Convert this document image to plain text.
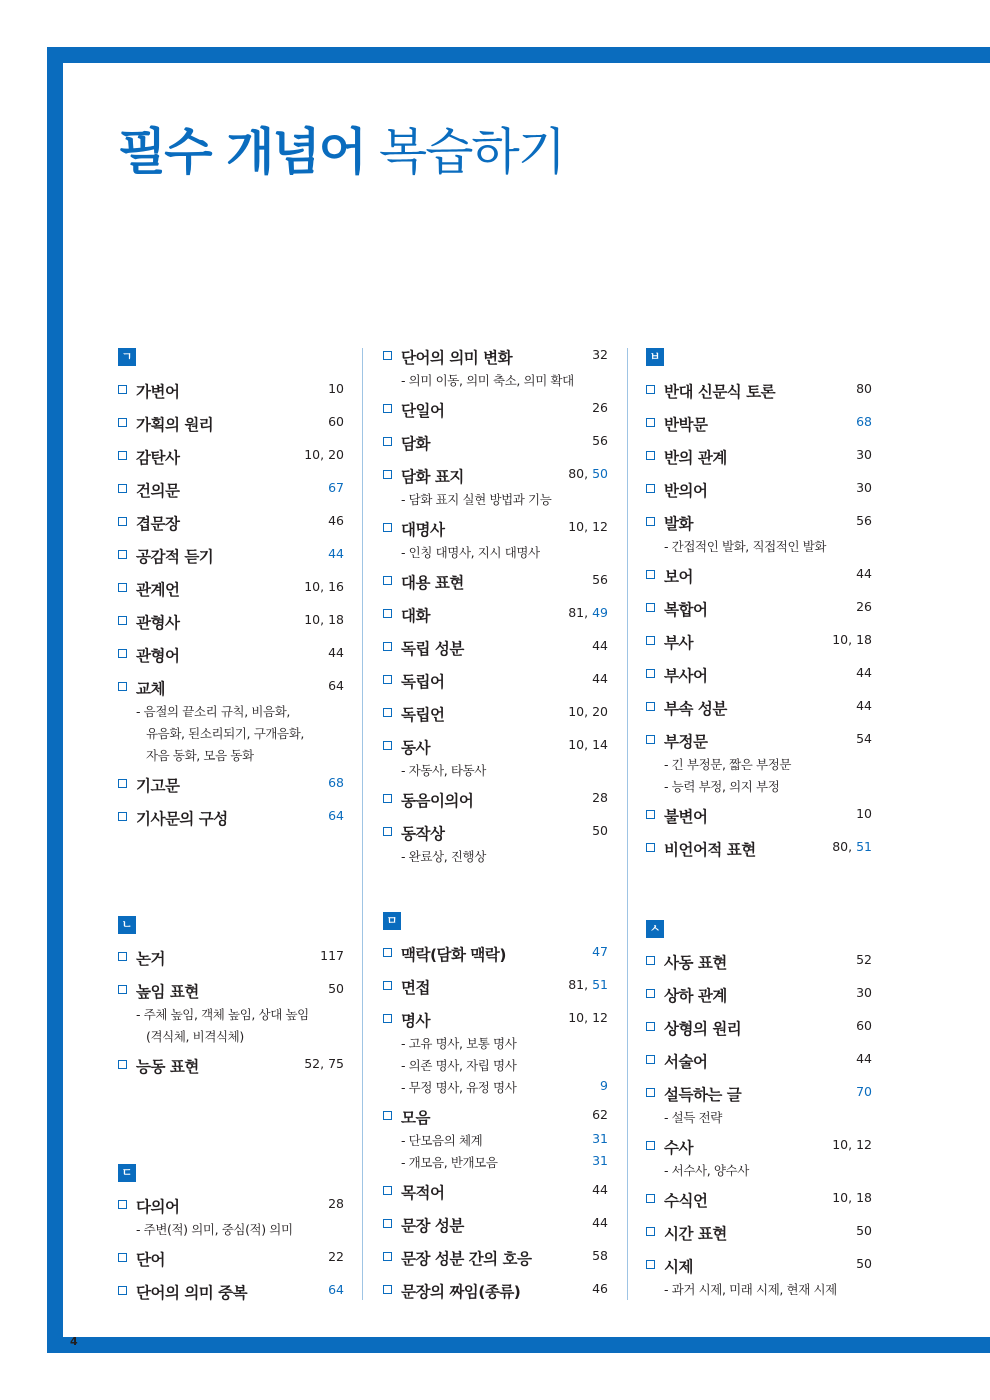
4
필수 개념어 복습하기
ㄱ
가변어	10
가획의 원리	60
감탄사	10, 20
건의문	67
겹문장	46
공감적 듣기	44
관계언	10, 16
관형사	10, 18
관형어	44
교체	64
- 음절의 끝소리 규칙, 비음화,
유음화, 된소리되기, 구개음화,
자음 동화, 모음 동화
기고문	68
기사문의 구성	64
ㄴ
논거	117
높임 표현	50
- 주체 높임, 객체 높임, 상대 높임
(격식체, 비격식체)
능동 표현	52, 75
ㄷ
다의어	28
- 주변(적) 의미, 중심(적) 의미
단어	22
단어의 의미 중복	64
단어의 의미 변화	32
- 의미 이동, 의미 축소, 의미 확대
단일어	26
담화	56
담화 표지	80, 50
- 담화 표지 실현 방법과 기능
대명사	10, 12
- 인칭 대명사, 지시 대명사
대용 표현	56
대화	81, 49
독립 성분	44
독립어	44
독립언	10, 20
동사	10, 14
- 자동사, 타동사
동음이의어	28
동작상	50
- 완료상, 진행상
ㅁ
맥락(담화 맥락)	47
면접	81, 51
명사	10, 12
- 고유 명사, 보통 명사
- 의존 명사, 자립 명사
- 무정 명사, 유정 명사	9
모음	62
- 단모음의 체계	31
- 개모음, 반개모음	31
목적어	44
문장 성분	44
문장 성분 간의 호응	58
문장의 짜임(종류)	46
ㅂ
반대 신문식 토론	80
반박문	68
반의 관계	30
반의어	30
발화	56
- 간접적인 발화, 직접적인 발화
보어	44
복합어	26
부사	10, 18
부사어	44
부속 성분	44
부정문	54
- 긴 부정문, 짧은 부정문
- 능력 부정, 의지 부정
불변어	10
비언어적 표현	80, 51
ㅅ
사동 표현	52
상하 관계	30
상형의 원리	60
서술어	44
설득하는 글	70
- 설득 전략
수사	10, 12
- 서수사, 양수사
수식언	10, 18
시간 표현	50
시제	50
- 과거 시제, 미래 시제, 현재 시제
